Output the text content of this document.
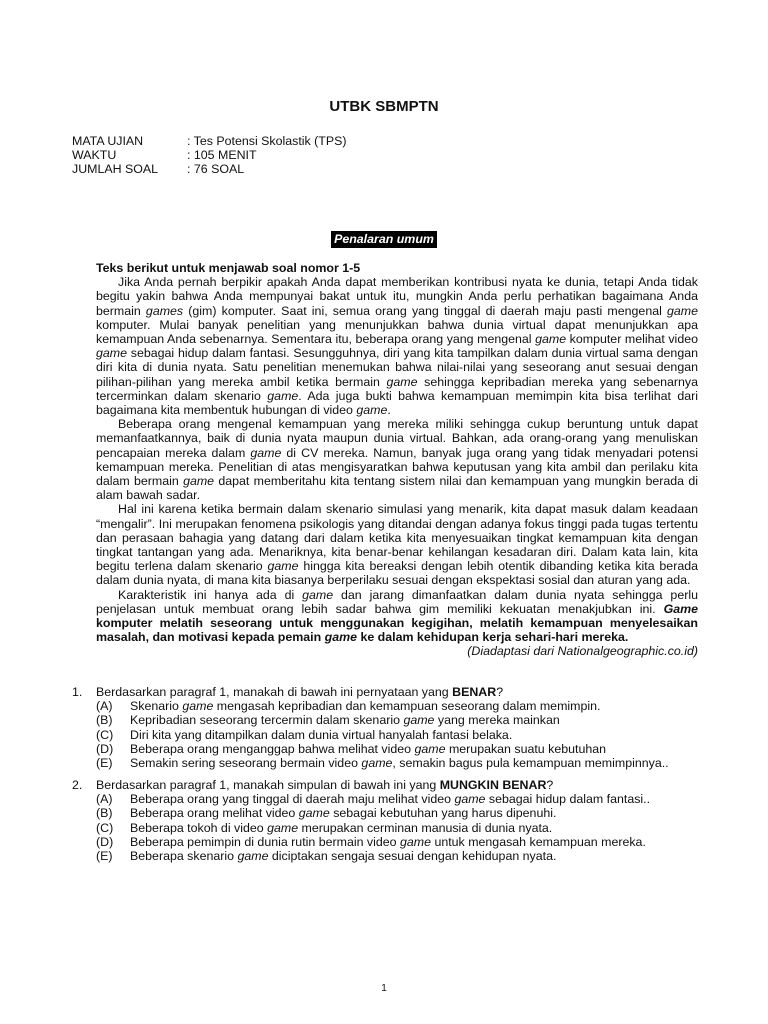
UTBK SBMPTN
MATA UJIAN	: Tes Potensi Skolastik (TPS)
WAKTU	: 105 MENIT
JUMLAH SOAL : 76 SOAL
Penalaran umum

Teks berikut untuk menjawab soal nomor 1-5

Jika Anda pernah berpikir apakah Anda dapat memberikan kontribusi nyata ke dunia, tetapi Anda tidak begitu yakin bahwa Anda mempunyai bakat untuk itu, mungkin Anda perlu perhatikan bagaimana Anda bermain games (gim) komputer. Saat ini, semua orang yang tinggal di daerah maju pasti mengenal game komputer. Mulai banyak penelitian yang menunjukkan bahwa dunia virtual dapat menunjukkan apa kemampuan Anda sebenarnya. Sementara itu, beberapa orang yang mengenal game komputer melihat video game sebagai hidup dalam fantasi. Sesungguhnya, diri yang kita tampilkan dalam dunia virtual sama dengan diri kita di dunia nyata. Satu penelitian menemukan bahwa nilai-nilai yang seseorang anut sesuai dengan pilihan-pilihan yang mereka ambil ketika bermain game sehingga kepribadian mereka yang sebenarnya tercerminkan dalam skenario game. Ada juga bukti bahwa kemampuan memimpin kita bisa terlihat dari bagaimana kita membentuk hubungan di video game.

Beberapa orang mengenal kemampuan yang mereka miliki sehingga cukup beruntung untuk dapat memanfaatkannya, baik di dunia nyata maupun dunia virtual. Bahkan, ada orang-orang yang menuliskan pencapaian mereka dalam game di CV mereka. Namun, banyak juga orang yang tidak menyadari potensi kemampuan mereka. Penelitian di atas mengisyaratkan bahwa keputusan yang kita ambil dan perilaku kita dalam bermain game dapat memberitahu kita tentang sistem nilai dan kemampuan yang mungkin berada di alam bawah sadar.

Hal ini karena ketika bermain dalam skenario simulasi yang menarik, kita dapat masuk dalam keadaan “mengalir”. Ini merupakan fenomena psikologis yang ditandai dengan adanya fokus tinggi pada tugas tertentu dan perasaan bahagia yang datang dari dalam ketika kita menyesuaikan tingkat kemampuan kita dengan tingkat tantangan yang ada. Menariknya, kita benar-benar kehilangan kesadaran diri. Dalam kata lain, kita begitu terlena dalam skenario game hingga kita bereaksi dengan lebih otentik dibanding ketika kita berada dalam dunia nyata, di mana kita biasanya berperilaku sesuai dengan ekspektasi sosial dan aturan yang ada.

Karakteristik ini hanya ada di game dan jarang dimanfaatkan dalam dunia nyata sehingga perlu penjelasan untuk membuat orang lebih sadar bahwa gim memiliki kekuatan menakjubkan ini. Game komputer melatih seseorang untuk menggunakan kegigihan, melatih kemampuan menyelesaikan masalah, dan motivasi kepada pemain game ke dalam kehidupan kerja sehari-hari mereka.

(Diadaptasi dari Nationalgeographic.co.id)

1. Berdasarkan paragraf 1, manakah di bawah ini pernyataan yang BENAR?
(A) Skenario game mengasah kepribadian dan kemampuan seseorang dalam memimpin.
(B) Kepribadian seseorang tercermin dalam skenario game yang mereka mainkan
(C) Diri kita yang ditampilkan dalam dunia virtual hanyalah fantasi belaka.
(D) Beberapa orang menganggap bahwa melihat video game merupakan suatu kebutuhan
(E) Semakin sering seseorang bermain video game, semakin bagus pula kemampuan memimpinnya..
2. Berdasarkan paragraf 1, manakah simpulan di bawah ini yang MUNGKIN BENAR?
(A) Beberapa orang yang tinggal di daerah maju melihat video game sebagai hidup dalam fantasi..
(B) Beberapa orang melihat video game sebagai kebutuhan yang harus dipenuhi.
(C) Beberapa tokoh di video game merupakan cerminan manusia di dunia nyata.
(D) Beberapa pemimpin di dunia rutin bermain video game untuk mengasah kemampuan mereka.
(E) Beberapa skenario game diciptakan sengaja sesuai dengan kehidupan nyata.
1
